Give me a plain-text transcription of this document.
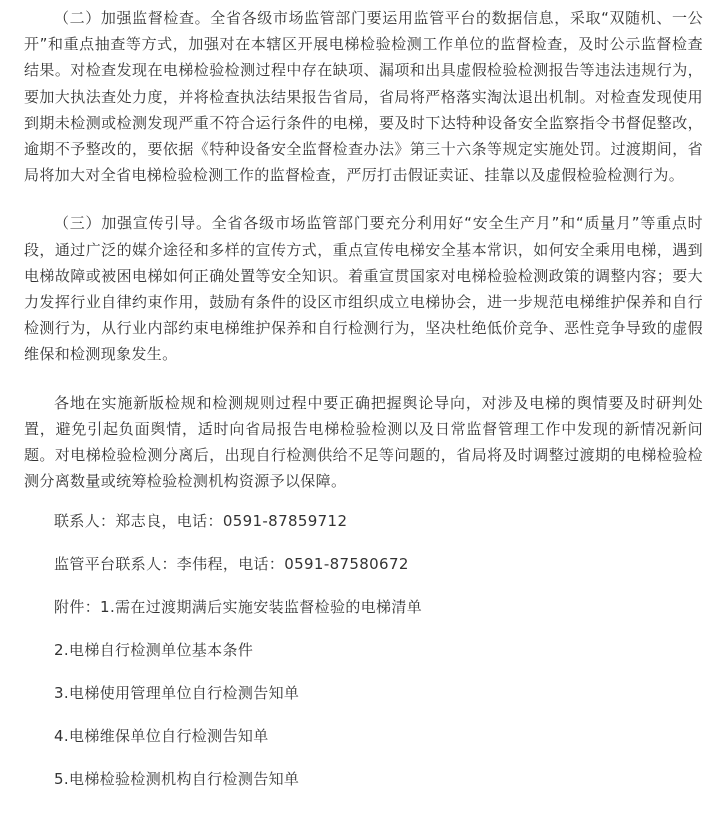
（二）加强监督检查。全省各级市场监管部门要运用监管平台的数据信息，采取“双随机、一公开”和重点抽查等方式，加强对在本辖区开展电梯检验检测工作单位的监督检查，及时公示监督检查结果。对检查发现在电梯检验检测过程中存在缺项、漏项和出具虚假检验检测报告等违法违规行为，要加大执法查处力度，并将检查执法结果报告省局，省局将严格落实淘汰退出机制。对检查发现使用到期未检测或检测发现严重不符合运行条件的电梯，要及时下达特种设备安全监察指令书督促整改，逾期不予整改的，要依据《特种设备安全监督检查办法》第三十六条等规定实施处罚。过渡期间，省局将加大对全省电梯检验检测工作的监督检查，严厉打击假证卖证、挂靠以及虚假检验检测行为。

（三）加强宣传引导。全省各级市场监管部门要充分利用好“安全生产月”和“质量月”等重点时段，通过广泛的媒介途径和多样的宣传方式，重点宣传电梯安全基本常识，如何安全乘用电梯，遇到电梯故障或被困电梯如何正确处置等安全知识。着重宣贯国家对电梯检验检测政策的调整内容；要大力发挥行业自律约束作用，鼓励有条件的设区市组织成立电梯协会，进一步规范电梯维护保养和自行检测行为，从行业内部约束电梯维护保养和自行检测行为，坚决杜绝低价竞争、恶性竞争导致的虚假维保和检测现象发生。

各地在实施新版检规和检测规则过程中要正确把握舆论导向，对涉及电梯的舆情要及时研判处置，避免引起负面舆情，适时向省局报告电梯检验检测以及日常监督管理工作中发现的新情况新问题。对电梯检验检测分离后，出现自行检测供给不足等问题的，省局将及时调整过渡期的电梯检验检测分离数量或统筹检验检测机构资源予以保障。

联系人：郑志良，电话：0591-87859712

监管平台联系人：李伟程，电话：0591-87580672

附件：1.需在过渡期满后实施安装监督检验的电梯清单

2.电梯自行检测单位基本条件

3.电梯使用管理单位自行检测告知单

4.电梯维保单位自行检测告知单

5.电梯检验检测机构自行检测告知单
